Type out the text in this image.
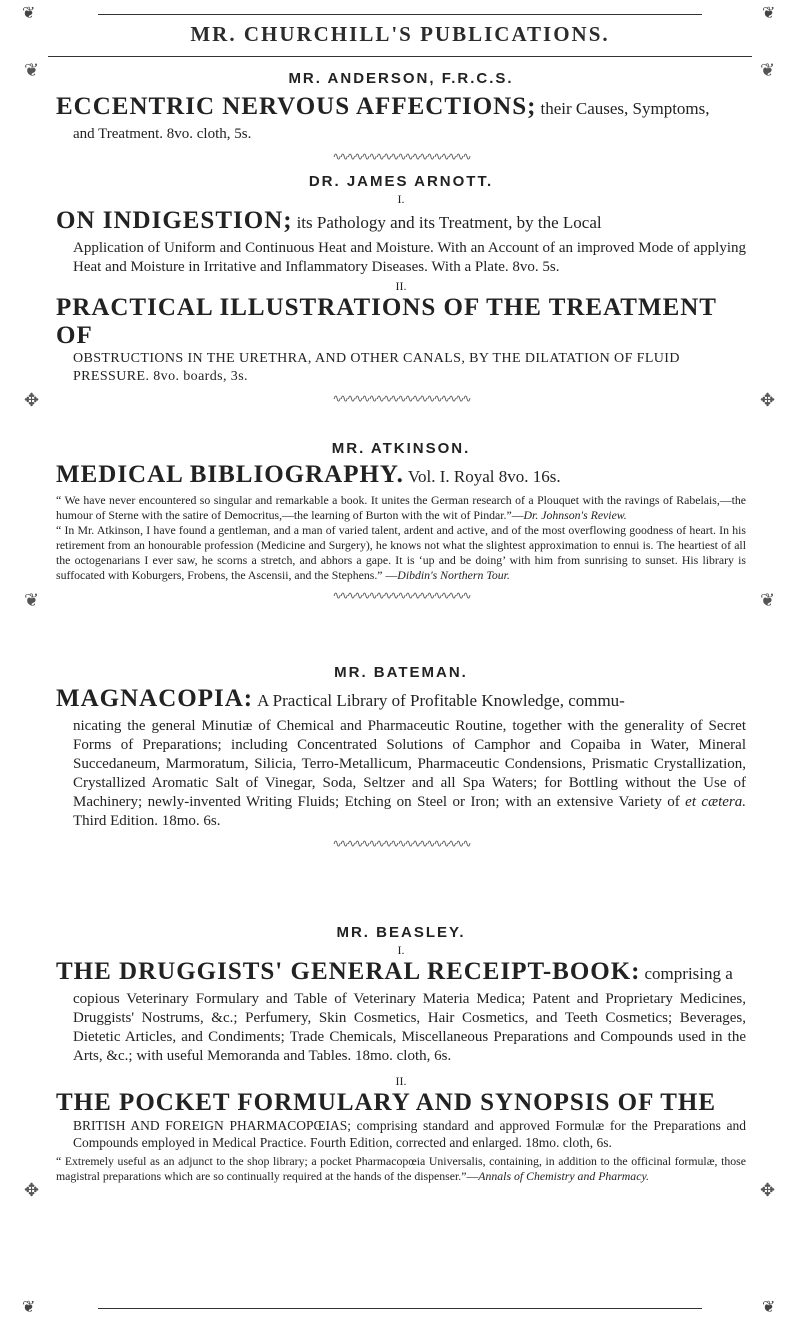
❦	❦
MR. CHURCHILL'S PUBLICATIONS.
❦	❦
✥	✥
❦	❦
✥	✥

MR. ANDERSON, F.R.C.S.

ECCENTRIC NERVOUS AFFECTIONS; their Causes, Symptoms,

and Treatment. 8vo. cloth, 5s.

∿∿∿∿∿∿∿∿∿∿∿∿∿∿∿∿∿∿∿

DR. JAMES ARNOTT.

I.

ON INDIGESTION; its Pathology and its Treatment, by the Local

Application of Uniform and Continuous Heat and Moisture. With an Account of an improved Mode of applying Heat and Moisture in Irritative and Inflammatory Diseases. With a Plate. 8vo. 5s.

II.

PRACTICAL ILLUSTRATIONS OF THE TREATMENT OF

OBSTRUCTIONS IN THE URETHRA, AND OTHER CANALS, BY THE DILATATION OF FLUID PRESSURE. 8vo. boards, 3s.

∿∿∿∿∿∿∿∿∿∿∿∿∿∿∿∿∿∿∿

MR. ATKINSON.

MEDICAL BIBLIOGRAPHY. Vol. I. Royal 8vo. 16s.

“ We have never encountered so singular and remarkable a book. It unites the German research of a Plouquet with the ravings of Rabelais,—the humour of Sterne with the satire of Democritus,—the learning of Burton with the wit of Pindar.”—Dr. Johnson's Review.

“ In Mr. Atkinson, I have found a gentleman, and a man of varied talent, ardent and active, and of the most overflowing goodness of heart. In his retirement from an honourable profession (Medicine and Surgery), he knows not what the slightest approximation to ennui is. The heartiest of all the octogenarians I ever saw, he scorns a stretch, and abhors a gape. It is ‘up and be doing’ with him from sunrising to sunset. His library is suffocated with Koburgers, Frobens, the Ascensii, and the Stephens.” —Dibdin's Northern Tour.

∿∿∿∿∿∿∿∿∿∿∿∿∿∿∿∿∿∿∿

MR. BATEMAN.

MAGNACOPIA: A Practical Library of Profitable Knowledge, commu-

nicating the general Minutiæ of Chemical and Pharmaceutic Routine, together with the generality of Secret Forms of Preparations; including Concentrated Solutions of Camphor and Copaiba in Water, Mineral Succedaneum, Marmoratum, Silicia, Terro-Metallicum, Pharmaceutic Condensions, Prismatic Crystallization, Crystallized Aromatic Salt of Vinegar, Soda, Seltzer and all Spa Waters; for Bottling without the Use of Machinery; newly-invented Writing Fluids; Etching on Steel or Iron; with an extensive Variety of et cætera. Third Edition. 18mo. 6s.

∿∿∿∿∿∿∿∿∿∿∿∿∿∿∿∿∿∿∿

MR. BEASLEY.

I.

THE DRUGGISTS' GENERAL RECEIPT-BOOK: comprising a

copious Veterinary Formulary and Table of Veterinary Materia Medica; Patent and Proprietary Medicines, Druggists' Nostrums, &c.; Perfumery, Skin Cosmetics, Hair Cosmetics, and Teeth Cosmetics; Beverages, Dietetic Articles, and Condiments; Trade Chemicals, Miscellaneous Preparations and Compounds used in the Arts, &c.; with useful Memoranda and Tables. 18mo. cloth, 6s.

II.

THE POCKET FORMULARY AND SYNOPSIS OF THE

BRITISH AND FOREIGN PHARMACOPŒIAS; comprising standard and approved Formulæ for the Preparations and Compounds employed in Medical Practice. Fourth Edition, corrected and enlarged. 18mo. cloth, 6s.

“ Extremely useful as an adjunct to the shop library; a pocket Pharmacopœia Universalis, containing, in addition to the officinal formulæ, those magistral preparations which are so continually required at the hands of the dispenser.”—Annals of Chemistry and Pharmacy.

❦	❦
